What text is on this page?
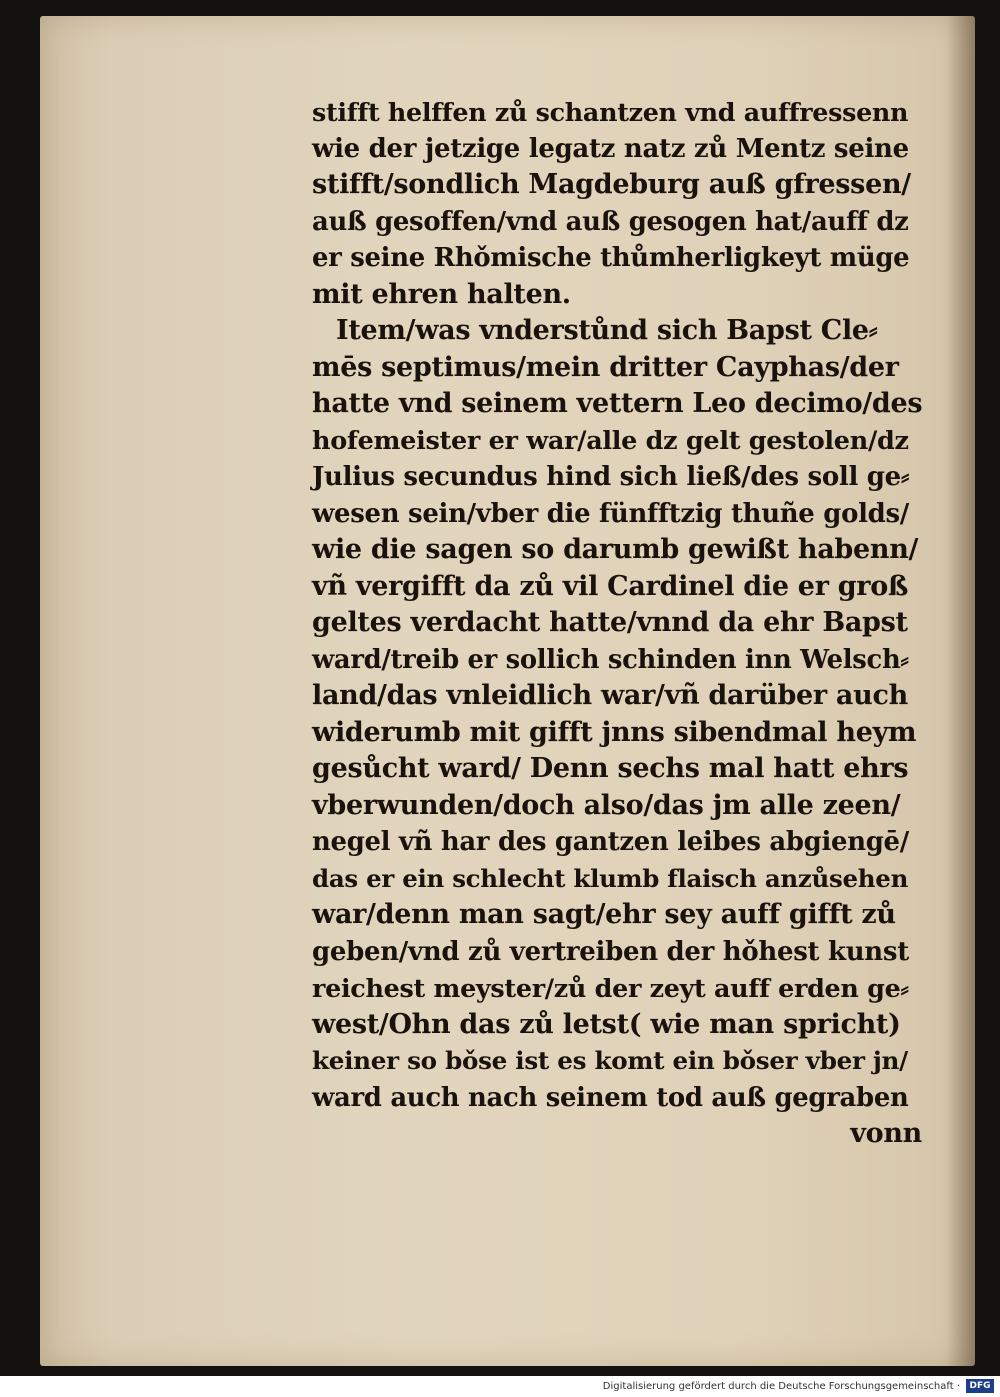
stifft helffen zů schantzen vnd auffressenn
wie der jetzige legatz natz zů Mentz seine
stifft/sondlich Magdeburg auß gfressen/
auß gesoffen/vnd auß gesogen hat/auff dz
er seine Rhǒmische thůmherligkeyt müge
mit ehren halten.
Item/was vnderstůnd sich Bapst Cle⸗
mēs septimus/mein dritter Cayphas/der
hatte vnd seinem vettern Leo decimo/des
hofemeister er war/alle dz gelt gestolen/dz
Julius secundus hind sich ließ/des soll ge⸗
wesen sein/vber die fünfftzig thuñe golds/
wie die sagen so darumb gewißt habenn/
vñ vergifft da zů vil Cardinel die er groß
geltes verdacht hatte/vnnd da ehr Bapst
ward/treib er sollich schinden inn Welsch⸗
land/das vnleidlich war/vñ darüber auch
widerumb mit gifft jnns sibendmal heym
gesůcht ward/ Denn sechs mal hatt ehrs
vberwunden/doch also/das jm alle zeen/
negel vñ har des gantzen leibes abgiengē/
das er ein schlecht klumb flaisch anzůsehen
war/denn man sagt/ehr sey auff gifft zů
geben/vnd zů vertreiben der hǒhest kunst
reichest meyster/zů der zeyt auff erden ge⸗
west/Ohn das zů letst( wie man spricht)
keiner so bǒse ist es komt ein bǒser vber jn/
ward auch nach seinem tod auß gegraben
vonn
Digitalisierung gefördert durch die Deutsche Forschungsgemeinschaft ·	DFG
